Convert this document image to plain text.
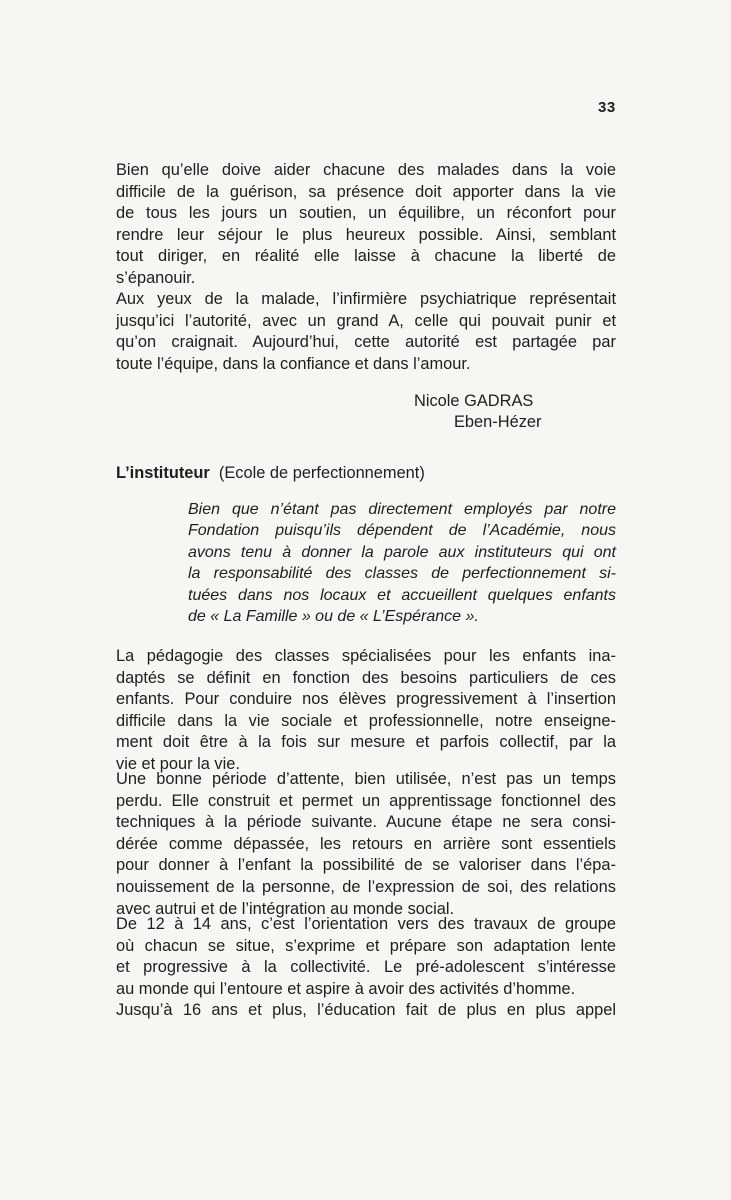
33
Bien qu’elle doive aider chacune des malades dans la voie
difficile de la guérison, sa présence doit apporter dans la vie
de tous les jours un soutien, un équilibre, un réconfort pour
rendre leur séjour le plus heureux possible. Ainsi, semblant
tout diriger, en réalité elle laisse à chacune la liberté de
s’épanouir.
Aux yeux de la malade, l’infirmière psychiatrique représentait
jusqu’ici l’autorité, avec un grand A, celle qui pouvait punir et
qu’on craignait. Aujourd’hui, cette autorité est partagée par
toute l’équipe, dans la confiance et dans l’amour.
Nicole GADRAS
Eben-Hézer
L’instituteur (Ecole de perfectionnement)
Bien que n’étant pas directement employés par notre
Fondation puisqu’ils dépendent de l’Académie, nous
avons tenu à donner la parole aux instituteurs qui ont
la responsabilité des classes de perfectionnement si-
tuées dans nos locaux et accueillent quelques enfants
de « La Famille » ou de « L’Espérance ».
La pédagogie des classes spécialisées pour les enfants ina-
daptés se définit en fonction des besoins particuliers de ces
enfants. Pour conduire nos élèves progressivement à l’insertion
difficile dans la vie sociale et professionnelle, notre enseigne-
ment doit être à la fois sur mesure et parfois collectif, par la
vie et pour la vie.
Une bonne période d’attente, bien utilisée, n’est pas un temps
perdu. Elle construit et permet un apprentissage fonctionnel des
techniques à la période suivante. Aucune étape ne sera consi-
dérée comme dépassée, les retours en arrière sont essentiels
pour donner à l’enfant la possibilité de se valoriser dans l’épa-
nouissement de la personne, de l’expression de soi, des relations
avec autrui et de l’intégration au monde social.
De 12 à 14 ans, c’est l’orientation vers des travaux de groupe
où chacun se situe, s’exprime et prépare son adaptation lente
et progressive à la collectivité. Le pré-adolescent s’intéresse
au monde qui l’entoure et aspire à avoir des activités d’homme.
Jusqu’à 16 ans et plus, l’éducation fait de plus en plus appel
